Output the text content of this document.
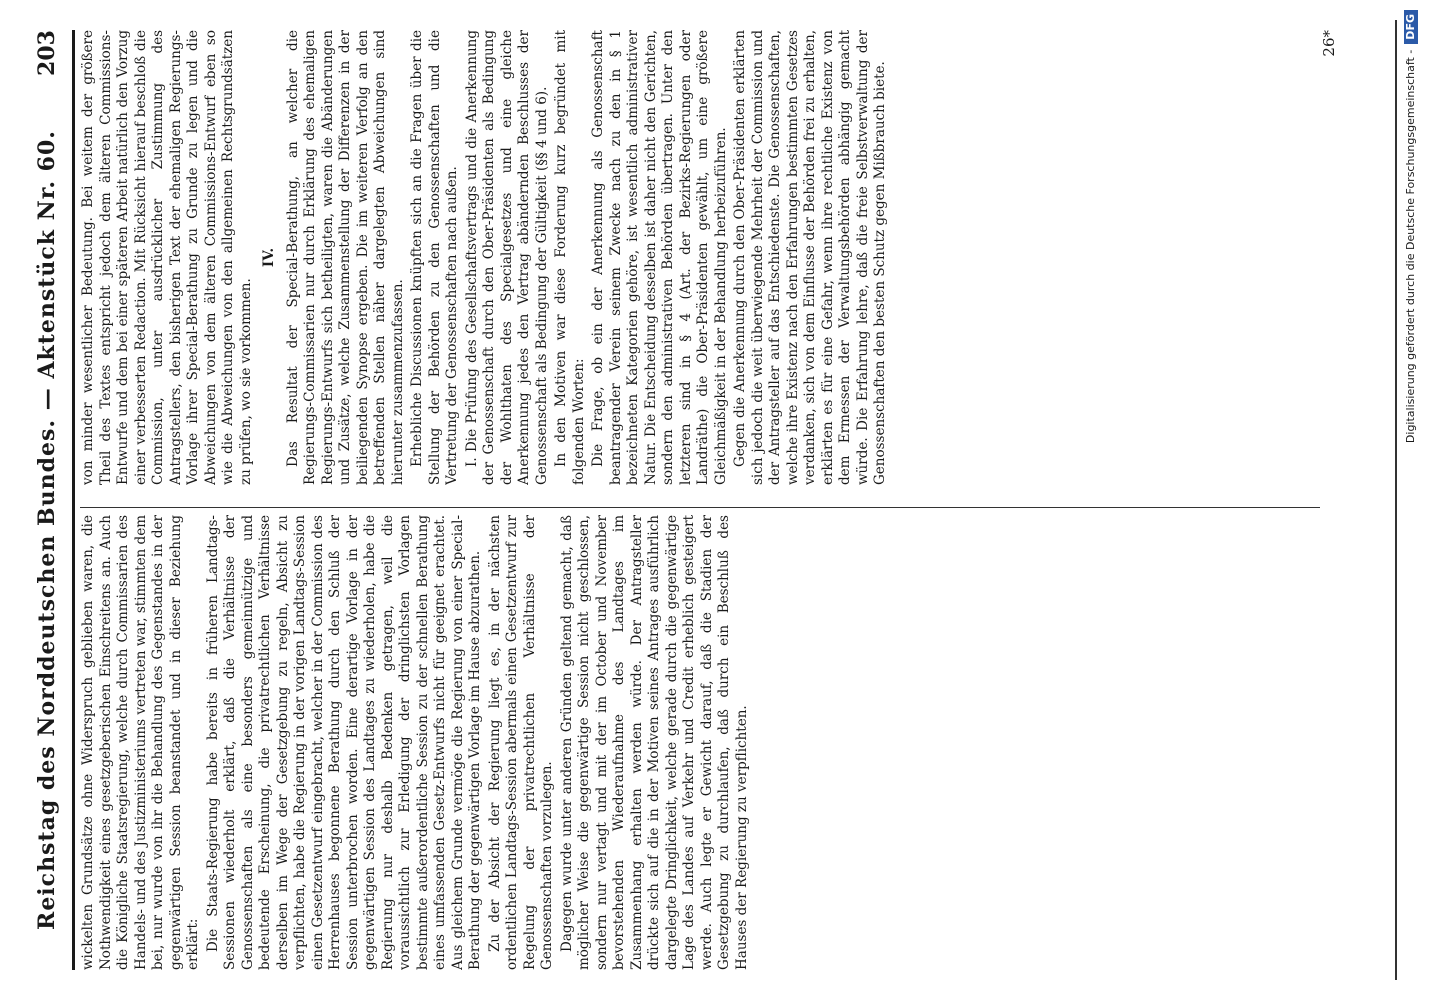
Reichstag des Norddeutschen Bundes. — Aktenstück Nr. 60.
203

wickelten Grundsätze ohne Widerspruch geblieben waren, die Nothwendigkeit eines gesetzgeberischen Einschreitens an. Auch die Königliche Staatsregierung, welche durch Commissarien des Handels- und des Justizministeriums vertreten war, stimmten dem bei, nur wurde von ihr die Behandlung des Gegenstandes in der gegenwärtigen Session beanstandet und in dieser Beziehung erklärt: Die Staats-Regierung habe bereits in früheren Landtags-Sessionen wiederholt erklärt, daß die Verhältnisse der Genossenschaften als eine besonders gemeinnützige und bedeutende Erscheinung, die privatrechtlichen Verhältnisse derselben im Wege der Gesetzgebung zu regeln, Absicht zu verpflichten, habe die Regierung in der vorigen Landtags-Session einen Gesetzentwurf eingebracht, welcher in der Commission des Herrenhauses begonnene Berathung durch den Schluß der Session unterbrochen worden. Eine derartige Vorlage in der gegenwärtigen Session des Landtages zu wiederholen, habe die Regierung nur deshalb Bedenken getragen, weil die voraussichtlich zur Erledigung der dringlichsten Vorlagen bestimmte außerordentliche Session zu der schnellen Berathung eines umfassenden Gesetz-Entwurfs nicht für geeignet erachtet. Aus gleichem Grunde vermöge die Regierung von einer Special-Berathung der gegenwärtigen Vorlage im Hause abzurathen. Zu der Absicht der Regierung liegt es, in der nächsten ordentlichen Landtags-Session abermals einen Gesetzentwurf zur Regelung der privatrechtlichen Verhältnisse der Genossenschaften vorzulegen. Dagegen wurde unter anderen Gründen geltend gemacht, daß möglicher Weise die gegenwärtige Session nicht geschlossen, sondern nur vertagt und mit der im October und November bevorstehenden Wiederaufnahme des Landtages im Zusammenhang erhalten werden würde. Der Antragsteller drückte sich auf die in der Motiven seines Antrages ausführlich dargelegte Dringlichkeit, welche gerade durch die gegenwärtige Lage des Landes auf Verkehr und Credit erheblich gesteigert werde. Auch legte er Gewicht darauf, daß die Stadien der Gesetzgebung zu durchlaufen, daß durch ein Beschluß des Hauses der Regierung zu verpflichten.

von minder wesentlicher Bedeutung. Bei weitem der größere Theil des Textes entspricht jedoch dem älteren Commissions-Entwurfe und dem bei einer späteren Arbeit natürlich den Vorzug einer verbesserten Redaction. Mit Rücksicht hierauf beschloß die Commission, unter ausdrücklicher Zustimmung des Antragstellers, den bisherigen Text der ehemaligen Regierungs-Vorlage ihrer Special-Berathung zu Grunde zu legen und die Abweichungen von dem älteren Commissions-Entwurf eben so wie die Abweichungen von den allgemeinen Rechtsgrundsätzen zu prüfen, wo sie vorkommen.

IV. Das Resultat der Special-Berathung, an welcher die Regierungs-Commissarien nur durch Erklärung des ehemaligen Regierungs-Entwurfs sich betheiligten, waren die Abänderungen und Zusätze, welche Zusammenstellung der Differenzen in der beiliegenden Synopse ergeben. Die im weiteren Verfolg an den betreffenden Stellen näher dargelegten Abweichungen sind hierunter zusammenzufassen. Erhebliche Discussionen knüpften sich an die Fragen über die Stellung der Behörden zu den Genossenschaften und die Vertretung der Genossenschaften nach außen. I. Die Prüfung des Gesellschaftsvertrags und die Anerkennung der Genossenschaft durch den Ober-Präsidenten als Bedingung der Wohlthaten des Specialgesetzes und eine gleiche Anerkennung jedes den Vertrag abändernden Beschlusses der Genossenschaft als Bedingung der Gültigkeit (§§ 4 und 6). In den Motiven war diese Forderung kurz begründet mit folgenden Worten: Die Frage, ob ein der Anerkennung als Genossenschaft beantragender Verein seinem Zwecke nach zu den in § 1 bezeichneten Kategorien gehöre, ist wesentlich administrativer Natur. Die Entscheidung desselben ist daher nicht den Gerichten, sondern den administrativen Behörden übertragen. Unter den letzteren sind in § 4 (Art. der Bezirks-Regierungen oder Landräthe) die Ober-Präsidenten gewählt, um eine größere Gleichmäßigkeit in der Behandlung herbeizuführen. Gegen die Anerkennung durch den Ober-Präsidenten erklärten sich jedoch die weit überwiegende Mehrheit der Commission und der Antragsteller auf das Entschiedenste. Die Genossenschaften, welche ihre Existenz nach den Erfahrungen bestimmten Gesetzes verdanken, sich von dem Einflusse der Behörden frei zu erhalten, erklärten es für eine Gefahr, wenn ihre rechtliche Existenz von dem Ermessen der Verwaltungsbehörden abhängig gemacht würde. Die Erfahrung lehre, daß die freie Selbstverwaltung der Genossenschaften den besten Schutz gegen Mißbrauch biete.

26*
Digitalisierung gefördert durch die Deutsche Forschungsgemeinschaft -DFG
